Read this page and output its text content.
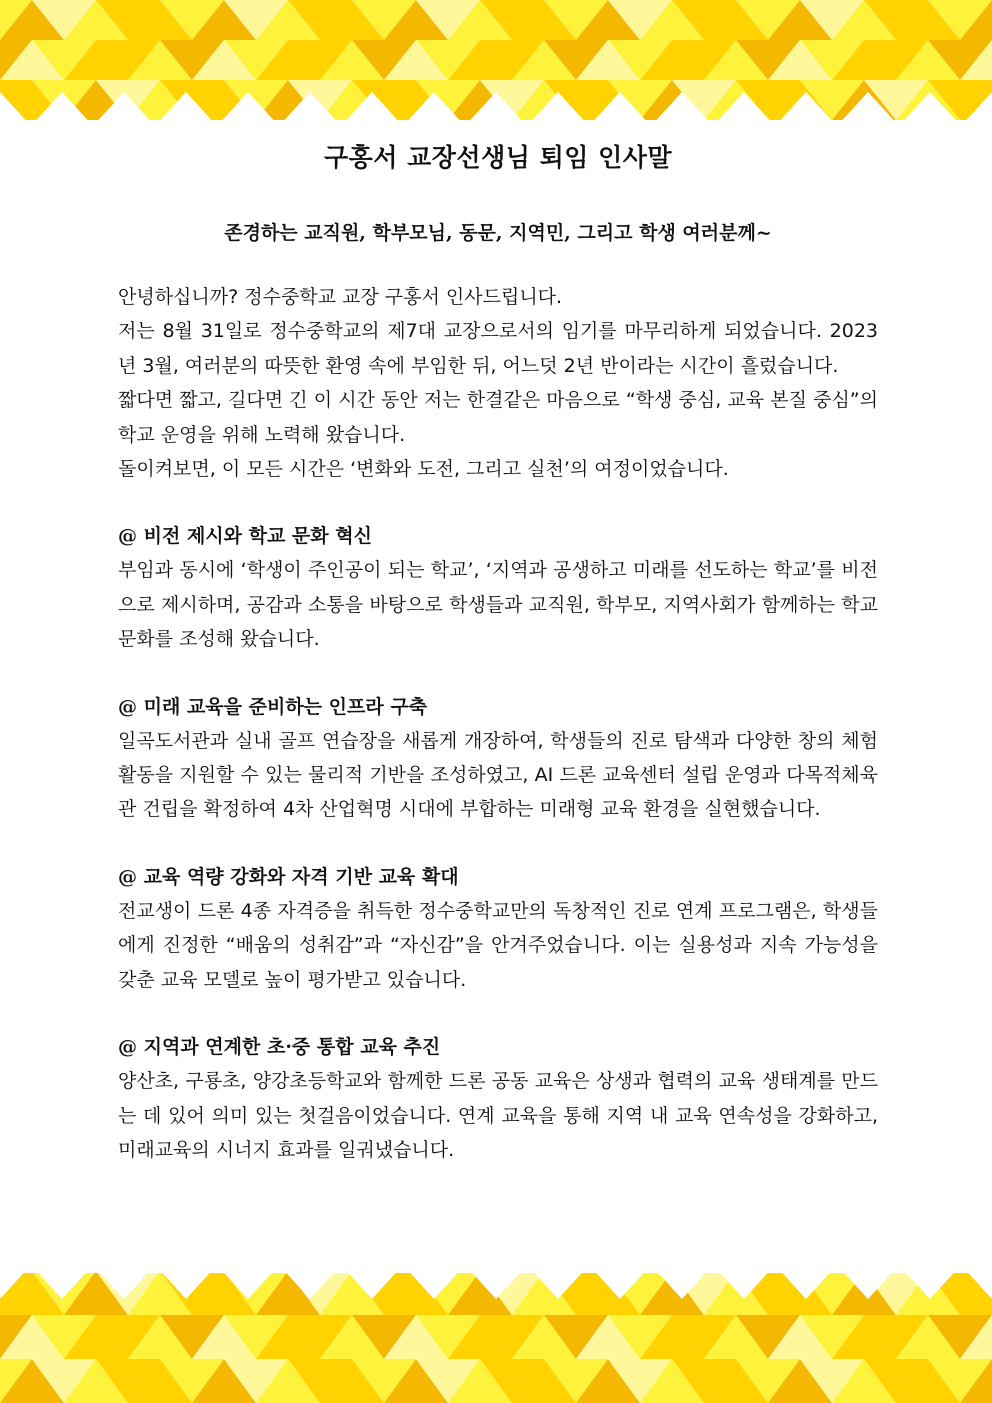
구홍서 교장선생님 퇴임 인사말

존경하는 교직원, 학부모님, 동문, 지역민, 그리고 학생 여러분께~

안녕하십니까? 정수중학교 교장 구홍서 인사드립니다.

저는 8월 31일로 정수중학교의 제7대 교장으로서의 임기를 마무리하게 되었습니다. 2023년 3월, 여러분의 따뜻한 환영 속에 부임한 뒤, 어느덧 2년 반이라는 시간이 흘렀습니다.

짧다면 짧고, 길다면 긴 이 시간 동안 저는 한결같은 마음으로 “학생 중심, 교육 본질 중심”의 학교 운영을 위해 노력해 왔습니다.

돌이켜보면, 이 모든 시간은 ‘변화와 도전, 그리고 실천’의 여정이었습니다.

@ 비전 제시와 학교 문화 혁신

부임과 동시에 ‘학생이 주인공이 되는 학교’, ‘지역과 공생하고 미래를 선도하는 학교’를 비전으로 제시하며, 공감과 소통을 바탕으로 학생들과 교직원, 학부모, 지역사회가 함께하는 학교 문화를 조성해 왔습니다.

@ 미래 교육을 준비하는 인프라 구축

일곡도서관과 실내 골프 연습장을 새롭게 개장하여, 학생들의 진로 탐색과 다양한 창의 체험 활동을 지원할 수 있는 물리적 기반을 조성하였고, AI 드론 교육센터 설립 운영과 다목적체육관 건립을 확정하여 4차 산업혁명 시대에 부합하는 미래형 교육 환경을 실현했습니다.

@ 교육 역량 강화와 자격 기반 교육 확대

전교생이 드론 4종 자격증을 취득한 정수중학교만의 독창적인 진로 연계 프로그램은, 학생들에게 진정한 “배움의 성취감”과 “자신감”을 안겨주었습니다. 이는 실용성과 지속 가능성을 갖춘 교육 모델로 높이 평가받고 있습니다.

@ 지역과 연계한 초·중 통합 교육 추진

양산초, 구룡초, 양강초등학교와 함께한 드론 공동 교육은 상생과 협력의 교육 생태계를 만드는 데 있어 의미 있는 첫걸음이었습니다. 연계 교육을 통해 지역 내 교육 연속성을 강화하고, 미래교육의 시너지 효과를 일궈냈습니다.
